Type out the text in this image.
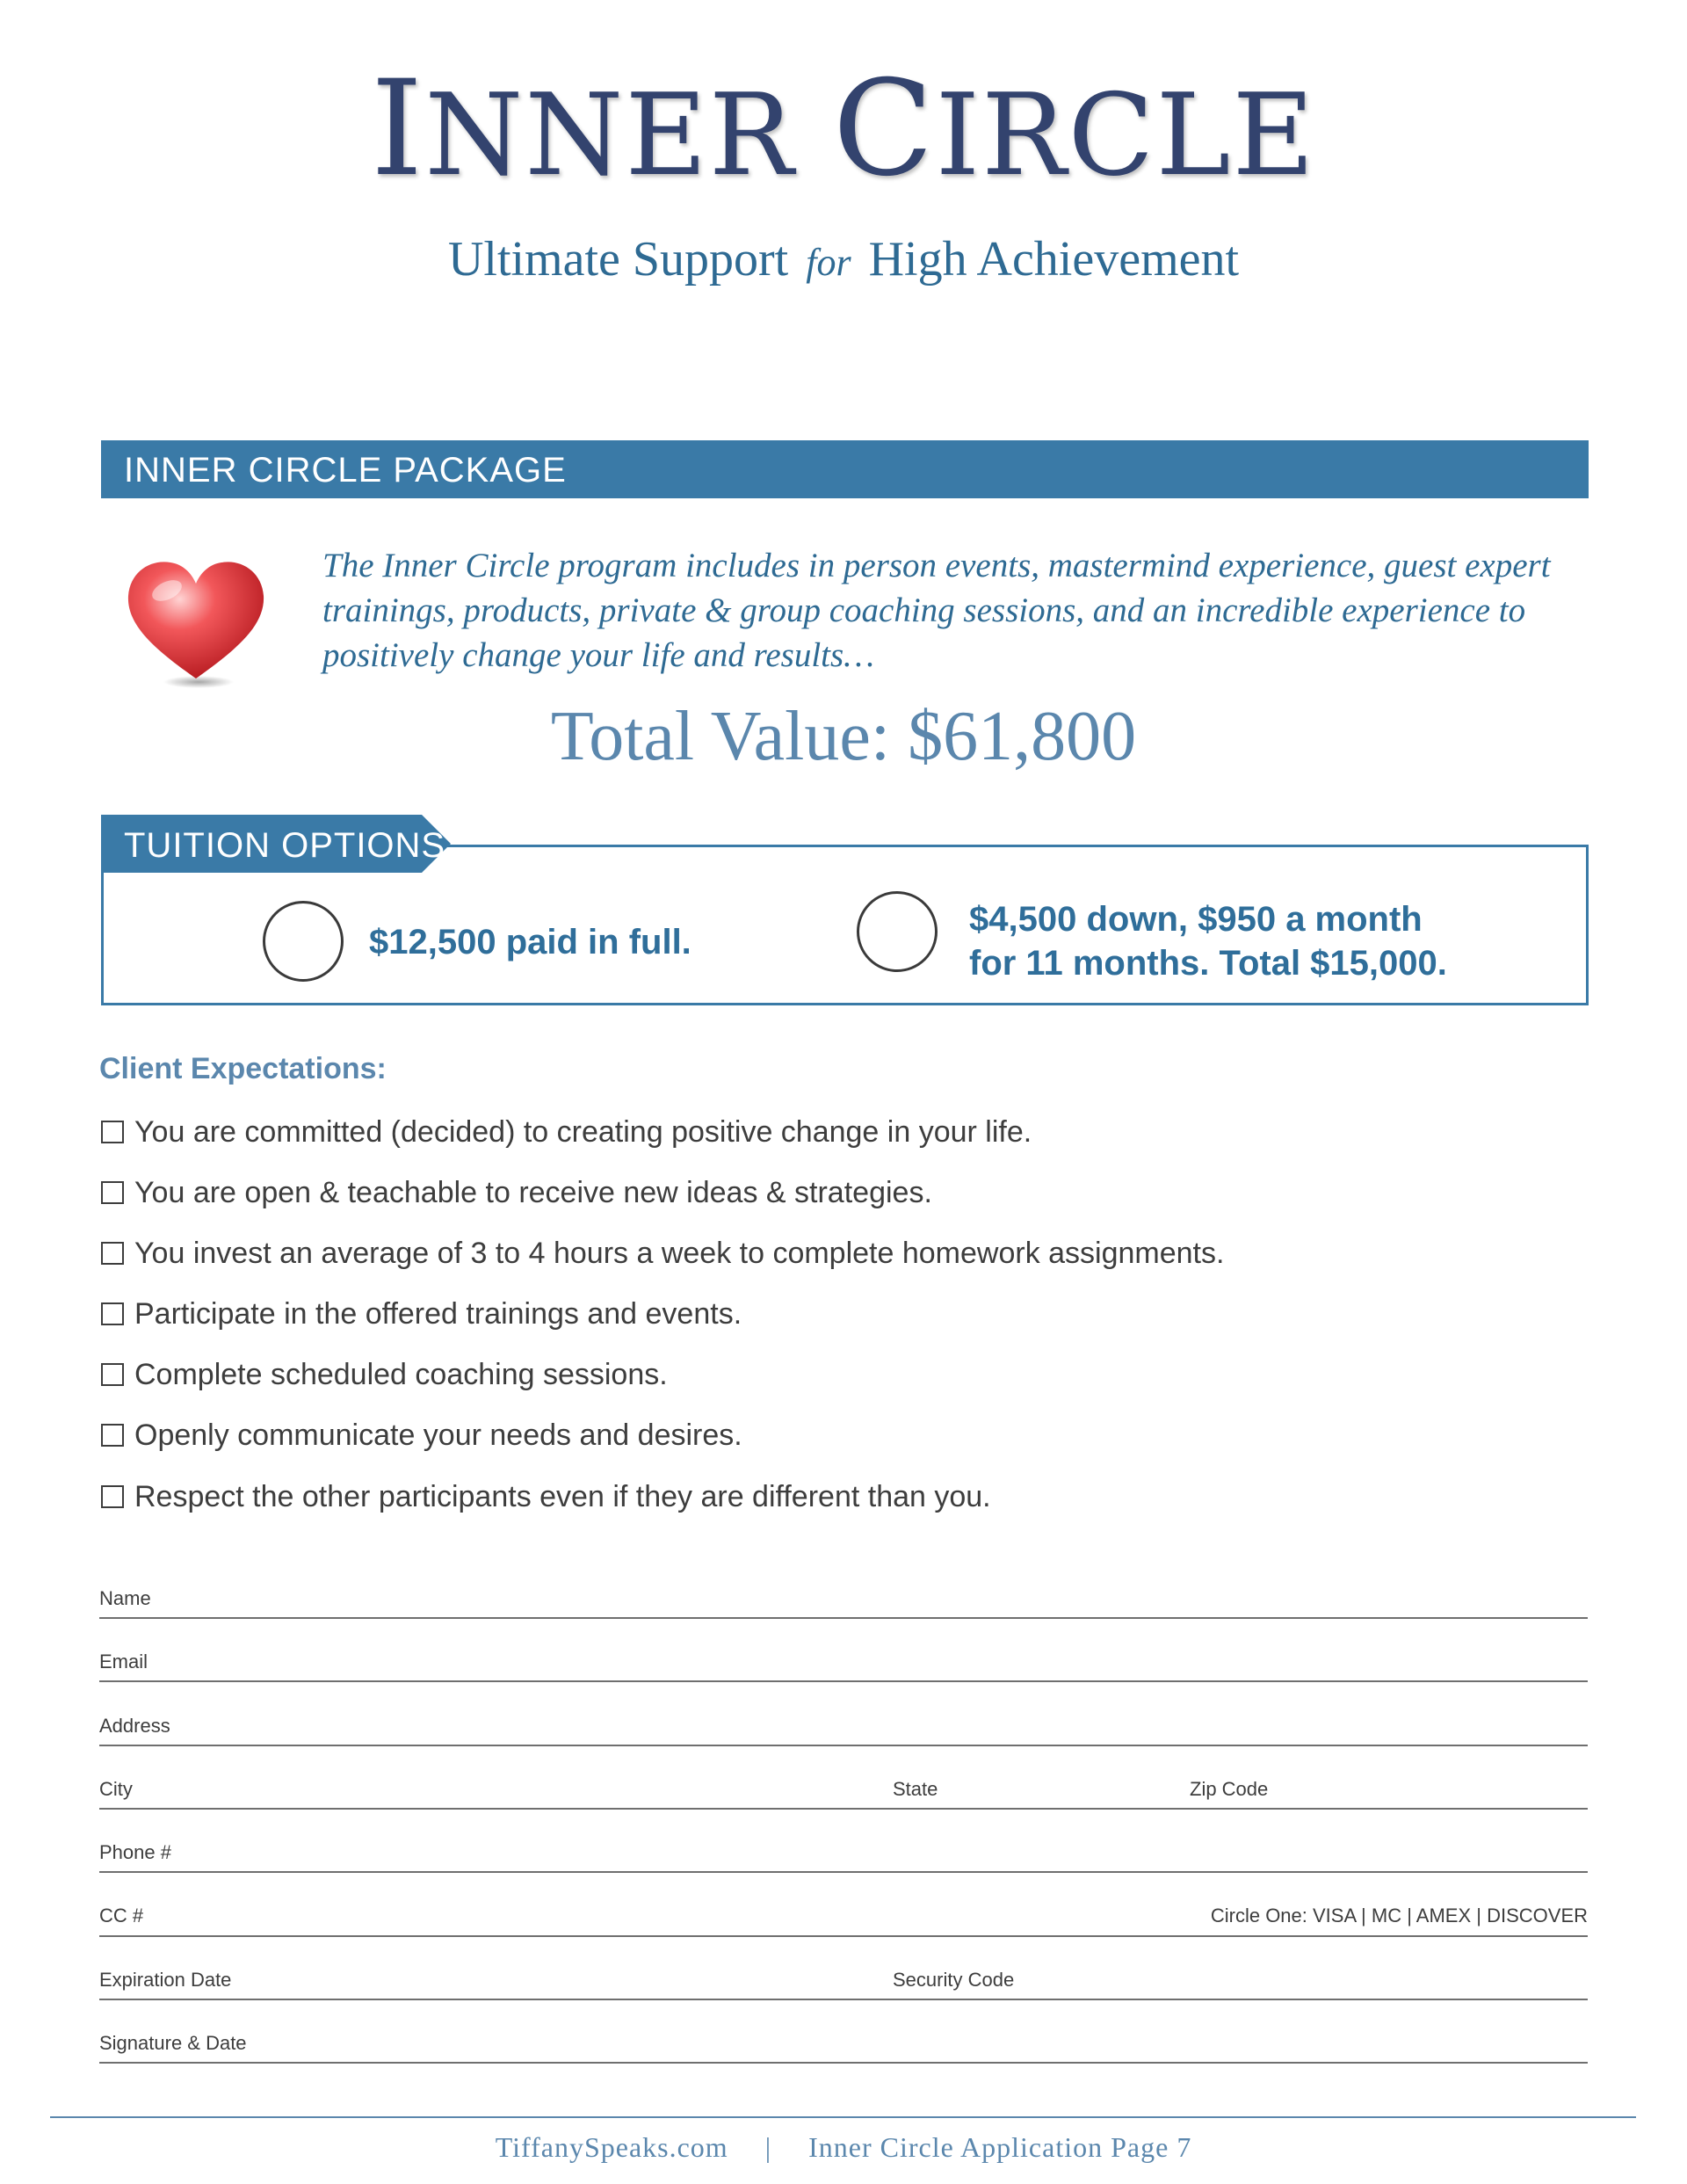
INNER CIRCLE
Ultimate Support for High Achievement
INNER CIRCLE PACKAGE
The Inner Circle program includes in person events, mastermind experience, guest expert trainings, products, private & group coaching sessions, and an incredible experience to positively change your life and results…
Total Value: $61,800
TUITION OPTIONS
$12,500 paid in full.
$4,500 down, $950 a month
for 11 months. Total $15,000.
Client Expectations:
You are committed (decided) to creating positive change in your life.
You are open & teachable to receive new ideas & strategies.
You invest an average of 3 to 4 hours a week to complete homework assignments.
Participate in the offered trainings and events.
Complete scheduled coaching sessions.
Openly communicate your needs and desires.
Respect the other participants even if they are different than you.
Name
Email
Address
City	State	Zip Code
Phone #
CC #	Circle One: VISA | MC | AMEX | DISCOVER
Expiration Date	Security Code
Signature & Date
TiffanySpeaks.com | Inner Circle Application Page 7
